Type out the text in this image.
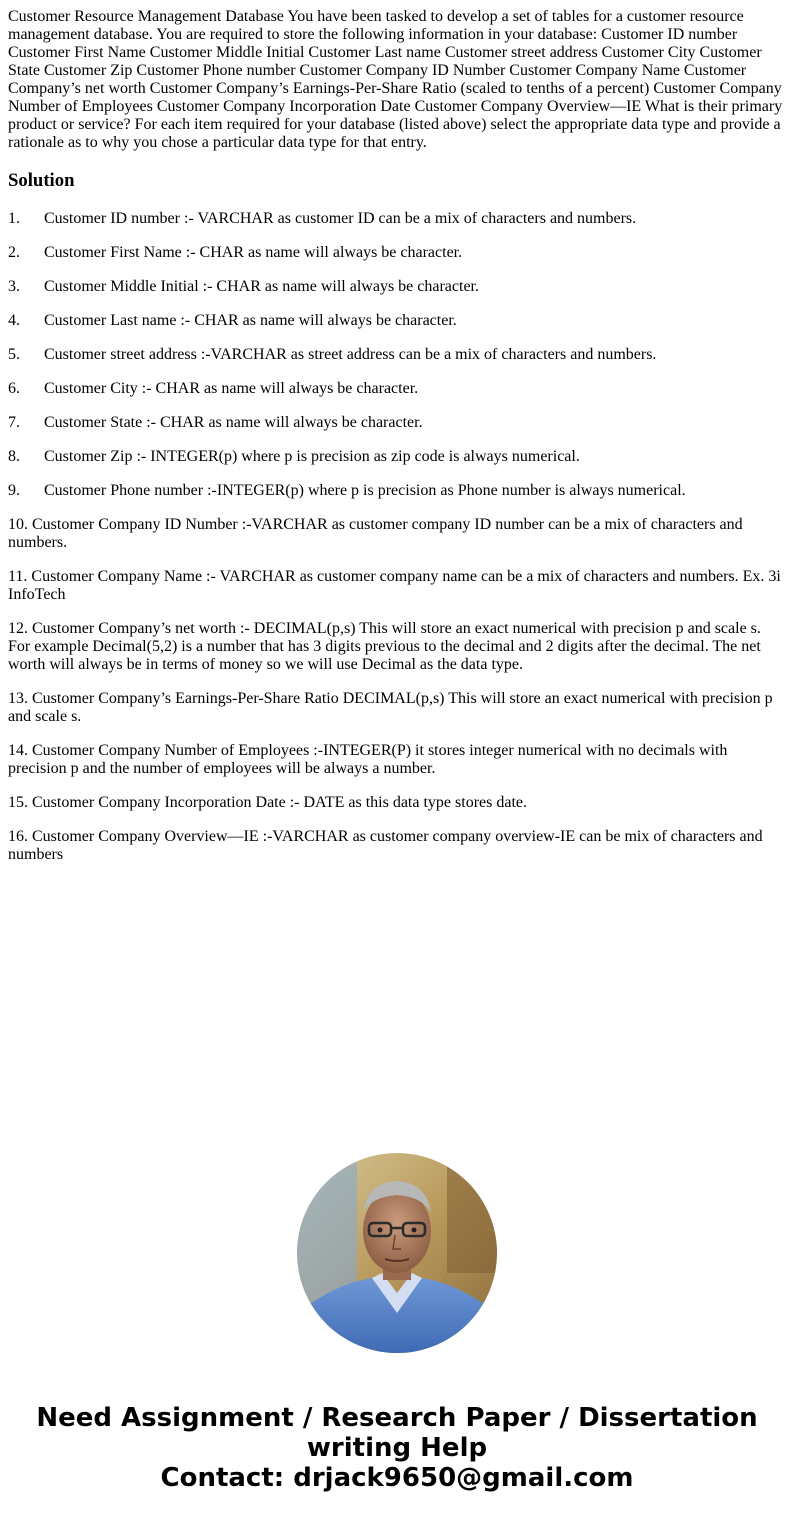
Customer Resource Management Database You have been tasked to develop a set of tables for a customer resource management database. You are required to store the following information in your database: Customer ID number Customer First Name Customer Middle Initial Customer Last name Customer street address Customer City Customer State Customer Zip Customer Phone number Customer Company ID Number Customer Company Name Customer Company’s net worth Customer Company’s Earnings-Per-Share Ratio (scaled to tenths of a percent) Customer Company Number of Employees Customer Company Incorporation Date Customer Company Overview—IE What is their primary product or service? For each item required for your database (listed above) select the appropriate data type and provide a rationale as to why you chose a particular data type for that entry.
Solution
1.	Customer ID number :- VARCHAR as customer ID can be a mix of characters and numbers.
2.	Customer First Name :- CHAR as name will always be character.
3.	Customer Middle Initial :- CHAR as name will always be character.
4.	Customer Last name :- CHAR as name will always be character.
5.	Customer street address :-VARCHAR as street address can be a mix of characters and numbers.
6.	Customer City :- CHAR as name will always be character.
7.	Customer State :- CHAR as name will always be character.
8.	Customer Zip :- INTEGER(p) where p is precision as zip code is always numerical.
9.	Customer Phone number :-INTEGER(p) where p is precision as Phone number is always numerical.
10. Customer Company ID Number :-VARCHAR as customer company ID number can be a mix of characters and numbers.
11. Customer Company Name :- VARCHAR as customer company name can be a mix of characters and numbers. Ex. 3i InfoTech
12. Customer Company’s net worth :- DECIMAL(p,s) This will store an exact numerical with precision p and scale s. For example Decimal(5,2) is a number that has 3 digits previous to the decimal and 2 digits after the decimal. The net worth will always be in terms of money so we will use Decimal as the data type.
13. Customer Company’s Earnings-Per-Share Ratio DECIMAL(p,s) This will store an exact numerical with precision p and scale s.
14. Customer Company Number of Employees :-INTEGER(P) it stores integer numerical with no decimals with precision p and the number of employees will be always a number.
15. Customer Company Incorporation Date :- DATE as this data type stores date.
16. Customer Company Overview—IE :-VARCHAR as customer company overview-IE can be mix of characters and numbers
Need Assignment / Research Paper / Dissertation writing Help
Contact: drjack9650@gmail.com
